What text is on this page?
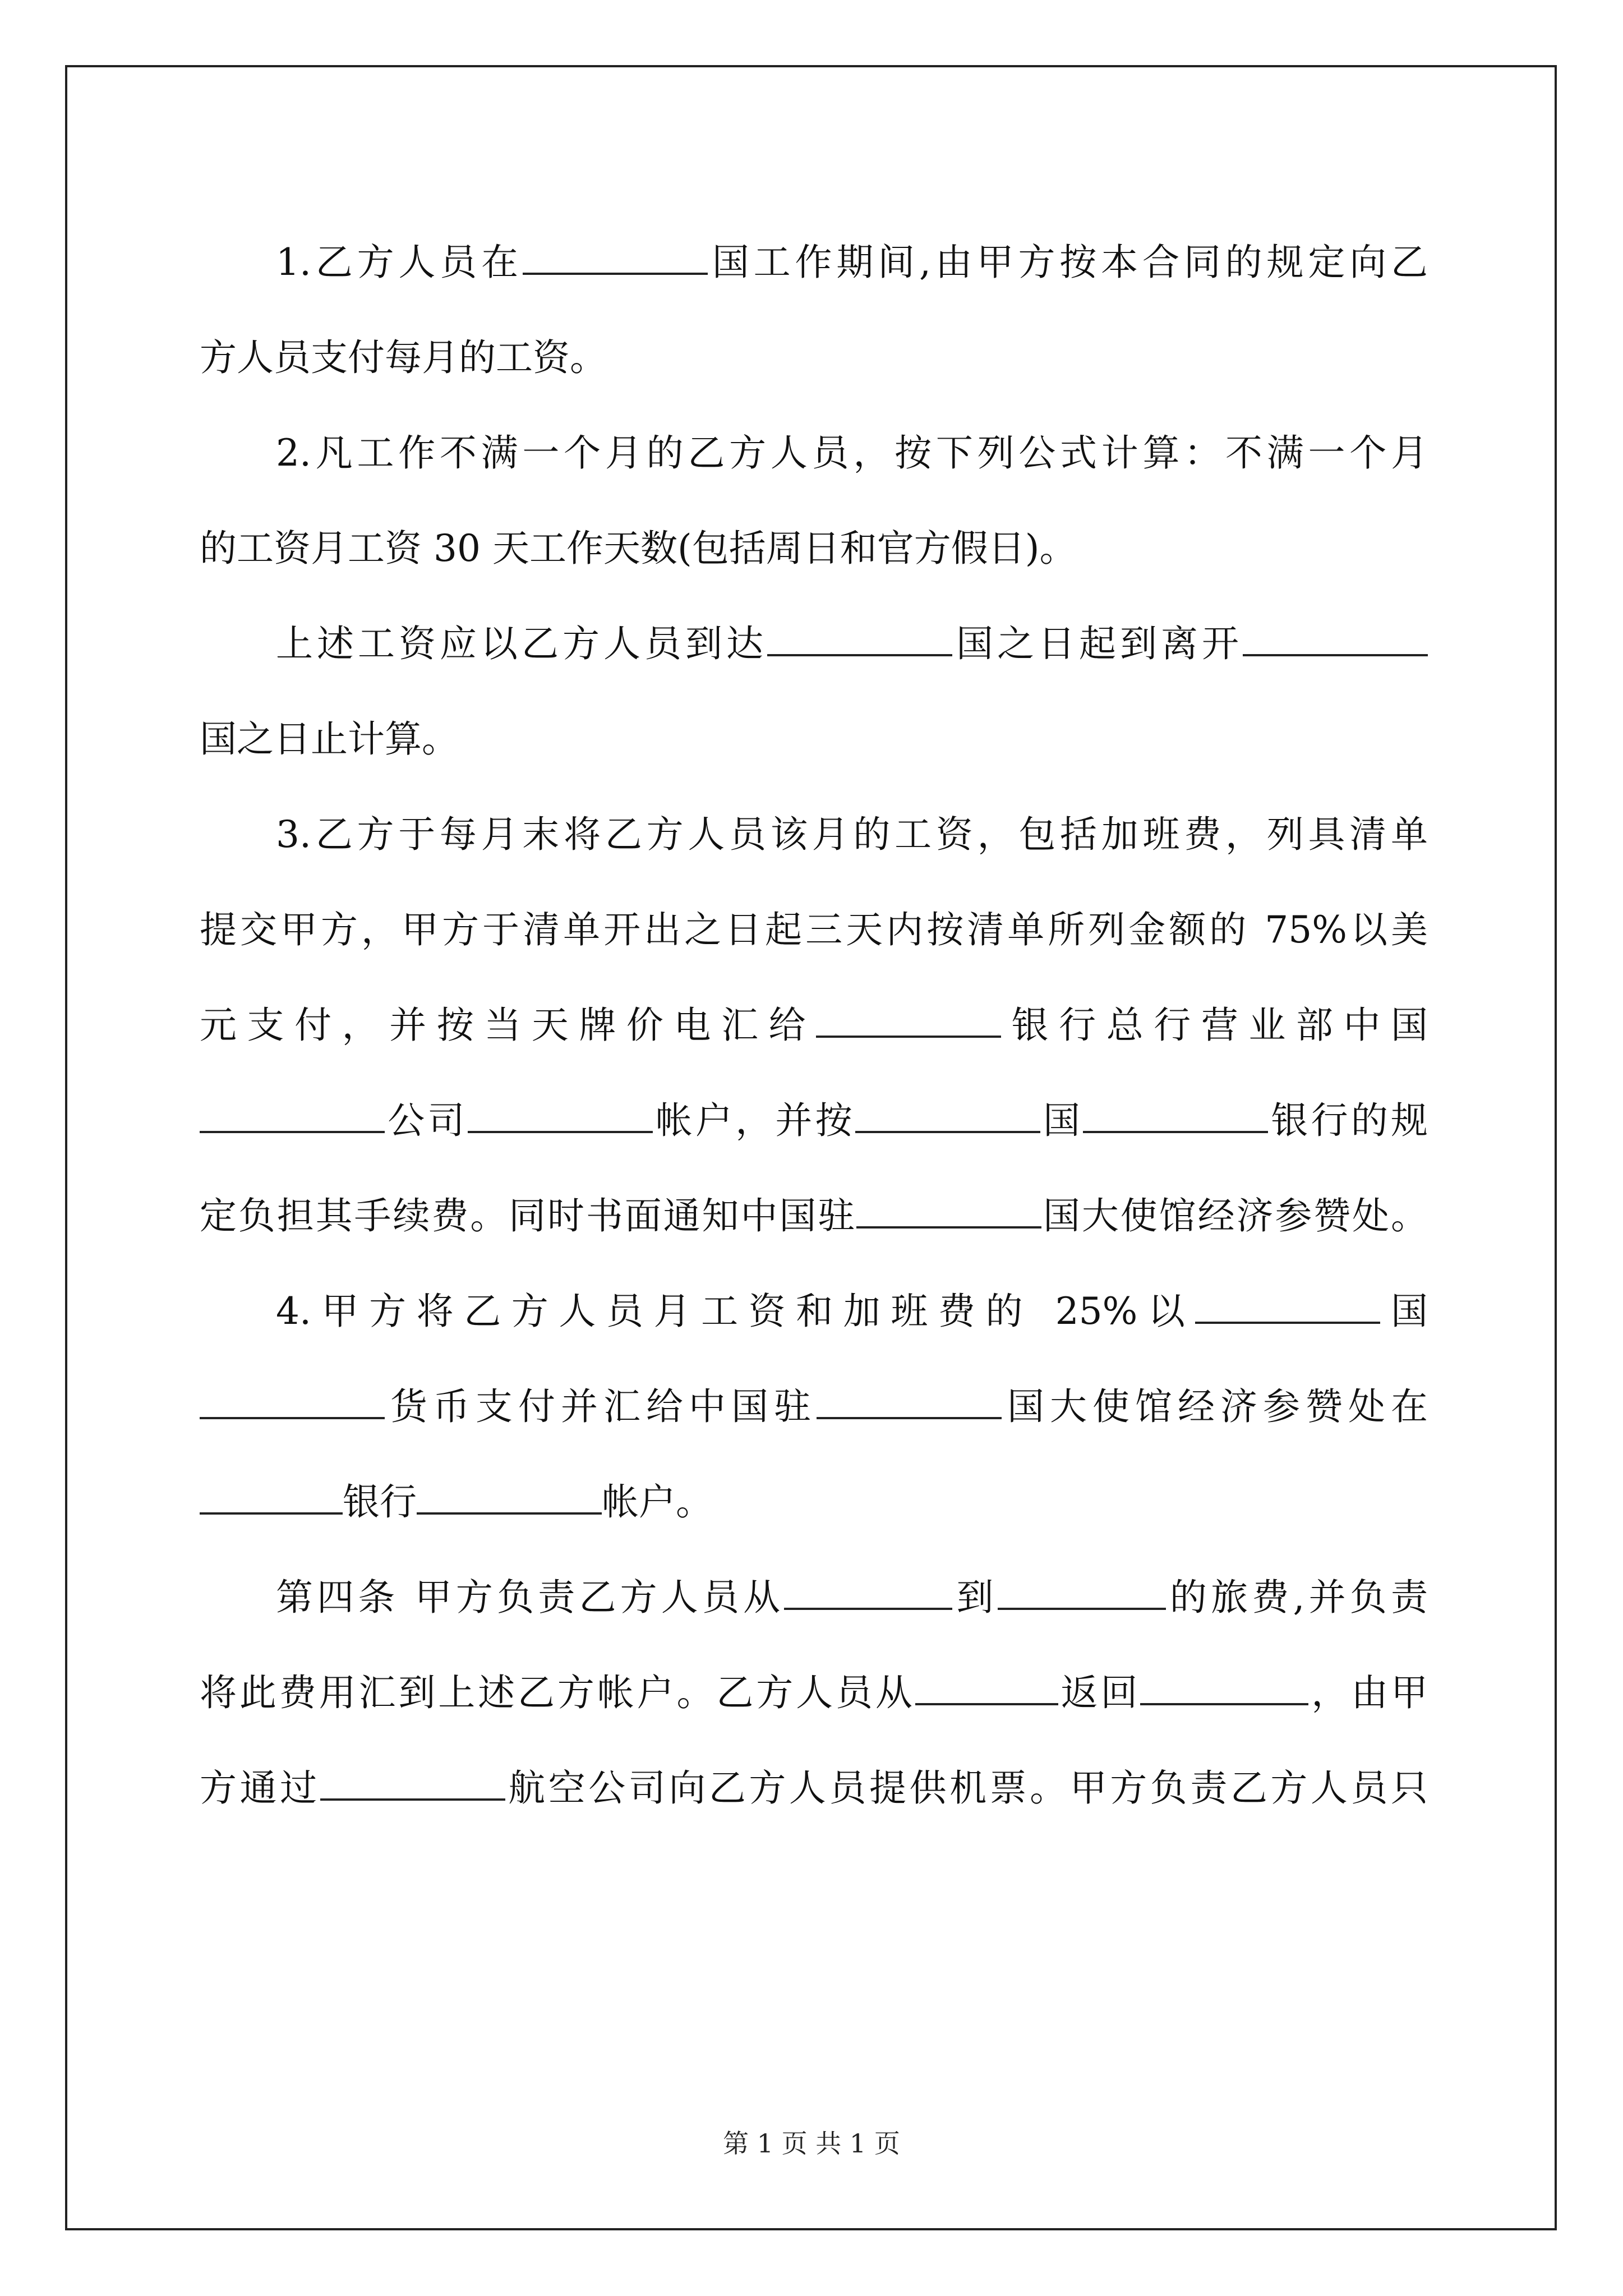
1.乙方人员在	国工作期间,由甲方按本合同的规定向乙
方人员支付每月的工资。
2.凡工作不满一个月的乙方人员，按下列公式计算：不满一个月
的工资月工资 30 天工作天数(包括周日和官方假日)。
上述工资应以乙方人员到达	国之日起到离开
国之日止计算。
3.乙方于每月末将乙方人员该月的工资，包括加班费，列具清单
提交甲方，甲方于清单开出之日起三天内按清单所列金额的 75%以美
元支付，并按当天牌价电汇给	银行总行营业部中国
公司	帐户，并按	国	银行的规
定负担其手续费。同时书面通知中国驻	国大使馆经济参赞处。
4.甲方将乙方人员月工资和加班费的 25%以	国
货币支付并汇给中国驻	国大使馆经济参赞处在
银行	帐户。
第四条 甲方负责乙方人员从	到	的旅费,并负责
将此费用汇到上述乙方帐户。乙方人员从	返回	，由甲
方通过	航空公司向乙方人员提供机票。甲方负责乙方人员只
第 1 页 共 1 页
